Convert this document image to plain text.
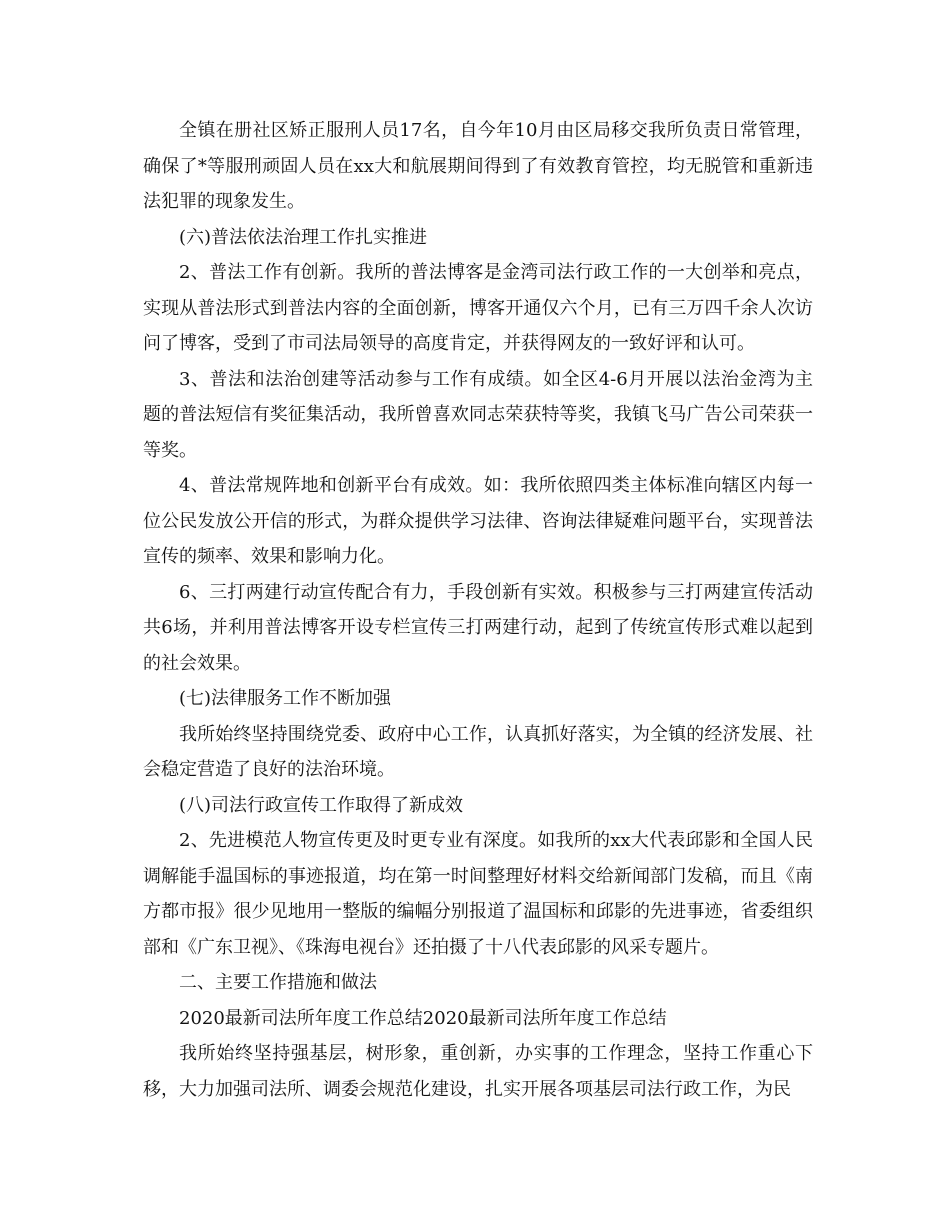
全镇在册社区矫正服刑人员17名，自今年10月由区局移交我所负责日常管理，确保了*等服刑顽固人员在xx大和航展期间得到了有效教育管控，均无脱管和重新违法犯罪的现象发生。

(六)普法依法治理工作扎实推进

2、普法工作有创新。我所的普法博客是金湾司法行政工作的一大创举和亮点，实现从普法形式到普法内容的全面创新，博客开通仅六个月，已有三万四千余人次访问了博客，受到了市司法局领导的高度肯定，并获得网友的一致好评和认可。

3、普法和法治创建等活动参与工作有成绩。如全区4-6月开展以法治金湾为主题的普法短信有奖征集活动，我所曾喜欢同志荣获特等奖，我镇飞马广告公司荣获一等奖。

4、普法常规阵地和创新平台有成效。如：我所依照四类主体标准向辖区内每一位公民发放公开信的形式，为群众提供学习法律、咨询法律疑难问题平台，实现普法宣传的频率、效果和影响力化。

6、三打两建行动宣传配合有力，手段创新有实效。积极参与三打两建宣传活动共6场，并利用普法博客开设专栏宣传三打两建行动，起到了传统宣传形式难以起到的社会效果。

(七)法律服务工作不断加强

我所始终坚持围绕党委、政府中心工作，认真抓好落实，为全镇的经济发展、社会稳定营造了良好的法治环境。

(八)司法行政宣传工作取得了新成效

2、先进模范人物宣传更及时更专业有深度。如我所的xx大代表邱影和全国人民调解能手温国标的事迹报道，均在第一时间整理好材料交给新闻部门发稿，而且《南方都市报》很少见地用一整版的编幅分别报道了温国标和邱影的先进事迹，省委组织部和《广东卫视》、《珠海电视台》还拍摄了十八代表邱影的风采专题片。

二、主要工作措施和做法

2020最新司法所年度工作总结2020最新司法所年度工作总结

我所始终坚持强基层，树形象，重创新，办实事的工作理念，坚持工作重心下移，大力加强司法所、调委会规范化建设，扎实开展各项基层司法行政工作，为民
